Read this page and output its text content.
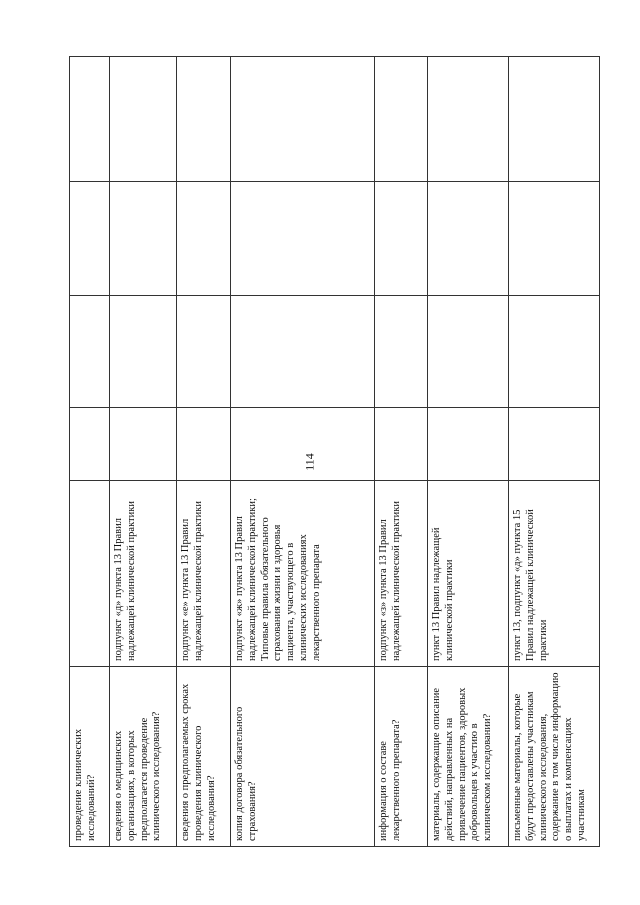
114
проведение клинических исследований?					
сведения о медицинских организациях, в которых предполагается проведение клинического исследования?	подпункт «д» пункта 13 Правил надлежащей клинической практики				
сведения о предполагаемых сроках проведения клинического исследования?	подпункт «е» пункта 13 Правил надлежащей клинической практики				
копия договора обязательного страхования?	подпункт «ж» пункта 13 Правил надлежащей клинической практики; Типовые правила обязательного страхования жизни и здоровья пациента, участвующего в клинических исследованиях лекарственного препарата				
информация о составе лекарственного препарата?	подпункт «з» пункта 13 Правил надлежащей клинической практики				
материалы, содержащие описание действий, направленных на привлечение пациентов, здоровых добровольцев к участию в клиническом исследовании?	пункт 13 Правил надлежащей клинической практики				
письменные материалы, которые будут предоставлены участникам клинического исследования, содержание в том числе информацию о выплатах и компенсациях участникам	пункт 13, подпункт «д» пункта 15 Правил надлежащей клинической практики				
